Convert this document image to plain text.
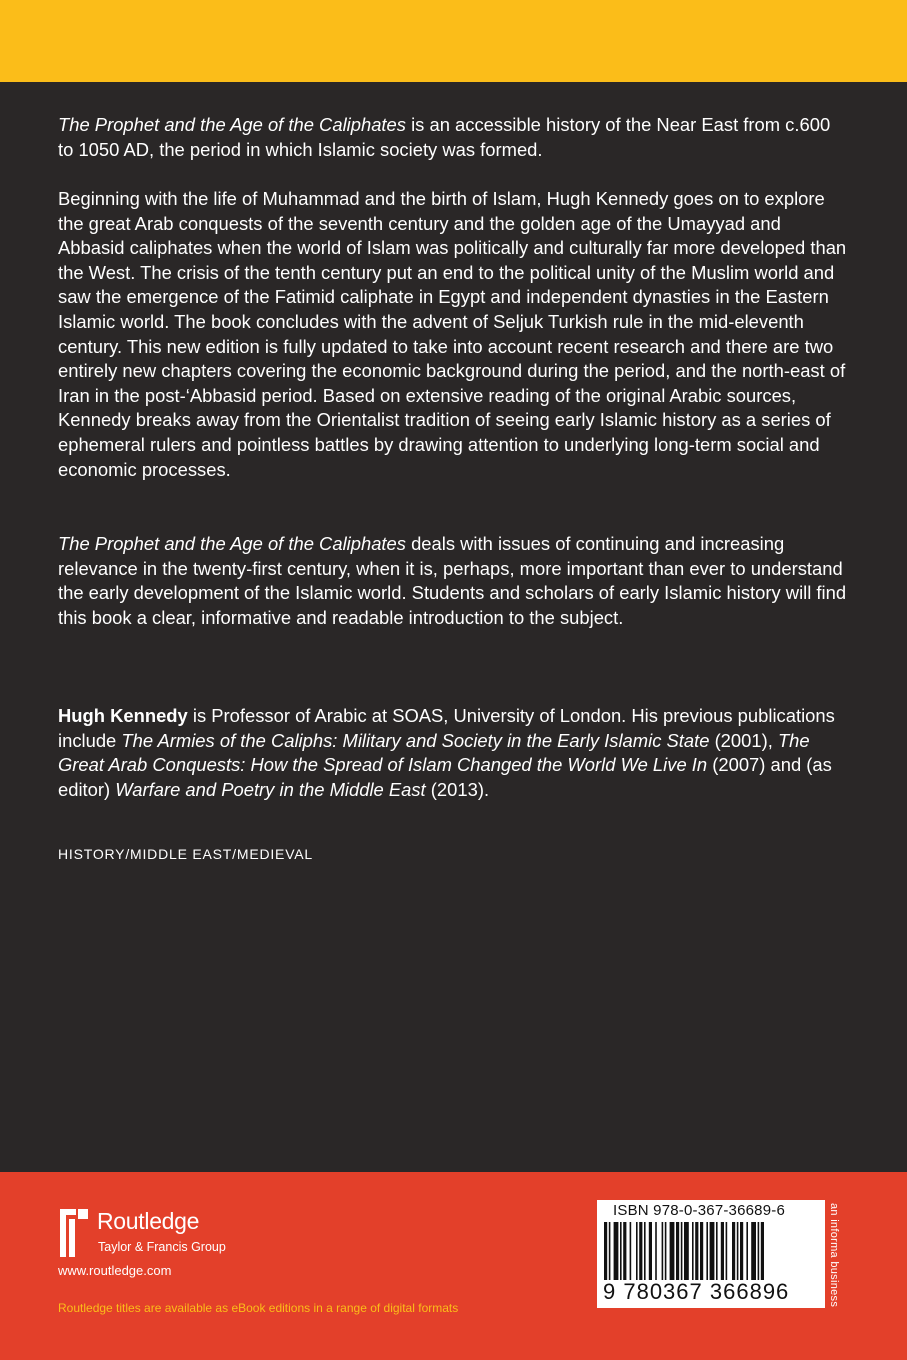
The Prophet and the Age of the Caliphates is an accessible history of the Near East from c.600 to 1050 AD, the period in which Islamic society was formed.

Beginning with the life of Muhammad and the birth of Islam, Hugh Kennedy goes on to explore the great Arab conquests of the seventh century and the golden age of the Umayyad and Abbasid caliphates when the world of Islam was politically and culturally far more developed than the West. The crisis of the tenth century put an end to the political unity of the Muslim world and saw the emergence of the Fatimid caliphate in Egypt and independent dynasties in the Eastern Islamic world. The book concludes with the advent of Seljuk Turkish rule in the mid-eleventh century. This new edition is fully updated to take into account recent research and there are two entirely new chapters covering the economic background during the period, and the north-east of Iran in the post-‘Abbasid period. Based on extensive reading of the original Arabic sources, Kennedy breaks away from the Orientalist tradition of seeing early Islamic history as a series of ephemeral rulers and pointless battles by drawing attention to underlying long-term social and economic processes.

The Prophet and the Age of the Caliphates deals with issues of continuing and increasing relevance in the twenty-first century, when it is, perhaps, more important than ever to understand the early development of the Islamic world. Students and scholars of early Islamic history will find this book a clear, informative and readable introduction to the subject.

Hugh Kennedy is Professor of Arabic at SOAS, University of London. His previous publications include The Armies of the Caliphs: Military and Society in the Early Islamic State (2001), The Great Arab Conquests: How the Spread of Islam Changed the World We Live In (2007) and (as editor) Warfare and Poetry in the Middle East (2013).

HISTORY/MIDDLE EAST/MEDIEVAL
Routledge
Taylor & Francis Group
www.routledge.com
Routledge titles are available as eBook editions in a range of digital formats
ISBN 978-0-367-36689-6
9 780367 366896	an informa business
